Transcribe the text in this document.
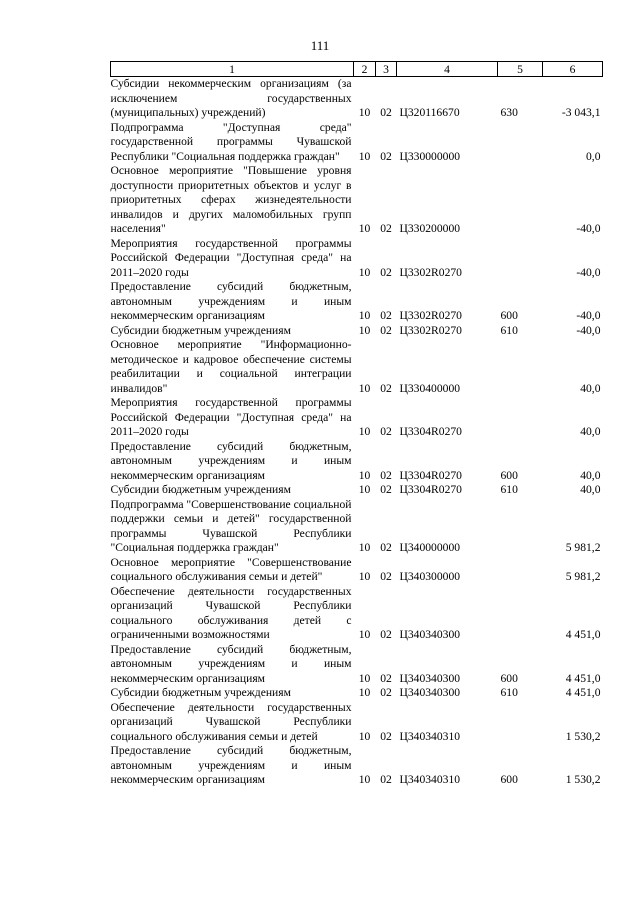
111
1	2	3	4	5	6
Субсидии некоммерческим организациям (за исключением государственных (муниципальных) учреждений)	10	02	Ц320116670	630	-3 043,1
Подпрограмма "Доступная среда" государственной программы Чувашской Республики "Социальная поддержка граждан"	10	02	Ц330000000		0,0
Основное мероприятие "Повышение уровня доступности приоритетных объектов и услуг в приоритетных сферах жизнедеятельности инвалидов и других маломобильных групп населения"	10	02	Ц330200000		-40,0
Мероприятия государственной программы Российской Федерации "Доступная среда" на 2011–2020 годы	10	02	Ц3302R0270		-40,0
Предоставление субсидий бюджетным, автономным учреждениям и иным некоммерческим организациям	10	02	Ц3302R0270	600	-40,0
Субсидии бюджетным учреждениям	10	02	Ц3302R0270	610	-40,0
Основное мероприятие "Информационно-методическое и кадровое обеспечение системы реабилитации и социальной интеграции инвалидов"	10	02	Ц330400000		40,0
Мероприятия государственной программы Российской Федерации "Доступная среда" на 2011–2020 годы	10	02	Ц3304R0270		40,0
Предоставление субсидий бюджетным, автономным учреждениям и иным некоммерческим организациям	10	02	Ц3304R0270	600	40,0
Субсидии бюджетным учреждениям	10	02	Ц3304R0270	610	40,0
Подпрограмма "Совершенствование социальной поддержки семьи и детей" государственной программы Чувашской Республики "Социальная поддержка граждан"	10	02	Ц340000000		5 981,2
Основное мероприятие "Совершенствование социального обслуживания семьи и детей"	10	02	Ц340300000		5 981,2
Обеспечение деятельности государственных организаций Чувашской Республики социального обслуживания детей с ограниченными возможностями	10	02	Ц340340300		4 451,0
Предоставление субсидий бюджетным, автономным учреждениям и иным некоммерческим организациям	10	02	Ц340340300	600	4 451,0
Субсидии бюджетным учреждениям	10	02	Ц340340300	610	4 451,0
Обеспечение деятельности государственных организаций Чувашской Республики социального обслуживания семьи и детей	10	02	Ц340340310		1 530,2
Предоставление субсидий бюджетным, автономным учреждениям и иным некоммерческим организациям	10	02	Ц340340310	600	1 530,2
